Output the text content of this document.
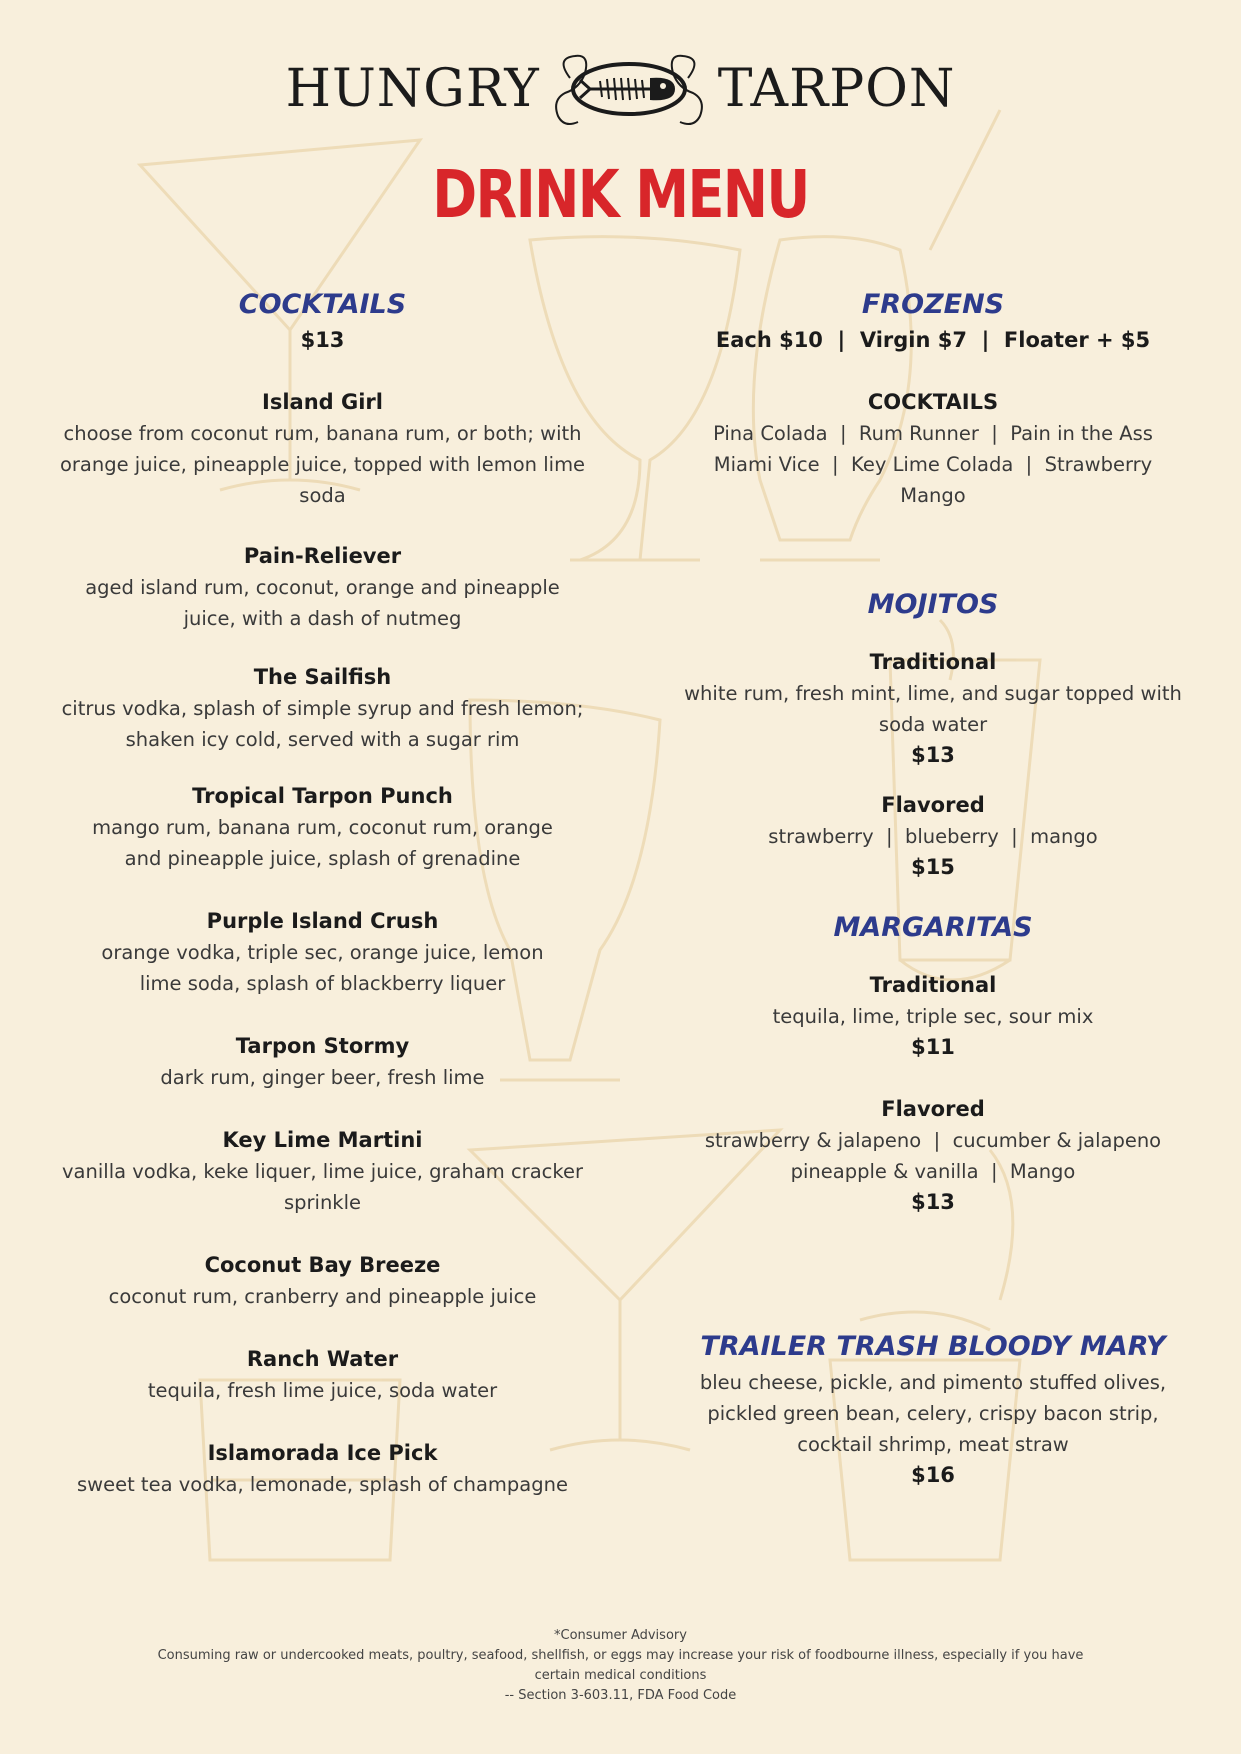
HUNGRY	TARPON
DRINK MENU
COCKTAILS
$13
Island Girl
choose from coconut rum, banana rum, or both; with orange juice, pineapple juice, topped with lemon lime soda
Pain-Reliever
aged island rum, coconut, orange and pineapple juice, with a dash of nutmeg
The Sailfish
citrus vodka, splash of simple syrup and fresh lemon; shaken icy cold, served with a sugar rim
Tropical Tarpon Punch
mango rum, banana rum, coconut rum, orange and pineapple juice, splash of grenadine
Purple Island Crush
orange vodka, triple sec, orange juice, lemon lime soda, splash of blackberry liquer
Tarpon Stormy
dark rum, ginger beer, fresh lime
Key Lime Martini
vanilla vodka, keke liquer, lime juice, graham cracker sprinkle
Coconut Bay Breeze
coconut rum, cranberry and pineapple juice
Ranch Water
tequila, fresh lime juice, soda water
Islamorada Ice Pick
sweet tea vodka, lemonade, splash of champagne
FROZENS
Each $10  |  Virgin $7  |  Floater + $5
COCKTAILS
Pina Colada  |  Rum Runner  |  Pain in the Ass
Miami Vice  |  Key Lime Colada  |  Strawberry
Mango
MOJITOS
Traditional
white rum, fresh mint, lime, and sugar topped with soda water
$13
Flavored
strawberry  |  blueberry  |  mango
$15
MARGARITAS
Traditional
tequila, lime, triple sec, sour mix
$11
Flavored
strawberry & jalapeno  |  cucumber & jalapeno
pineapple & vanilla  |  Mango
$13
TRAILER TRASH BLOODY MARY
bleu cheese, pickle, and pimento stuffed olives, pickled green bean, celery, crispy bacon strip, cocktail shrimp, meat straw
$16
*Consumer Advisory
Consuming raw or undercooked meats, poultry, seafood, shellfish, or eggs may increase your risk of foodbourne illness, especially if you have certain medical conditions
-- Section 3-603.11, FDA Food Code
